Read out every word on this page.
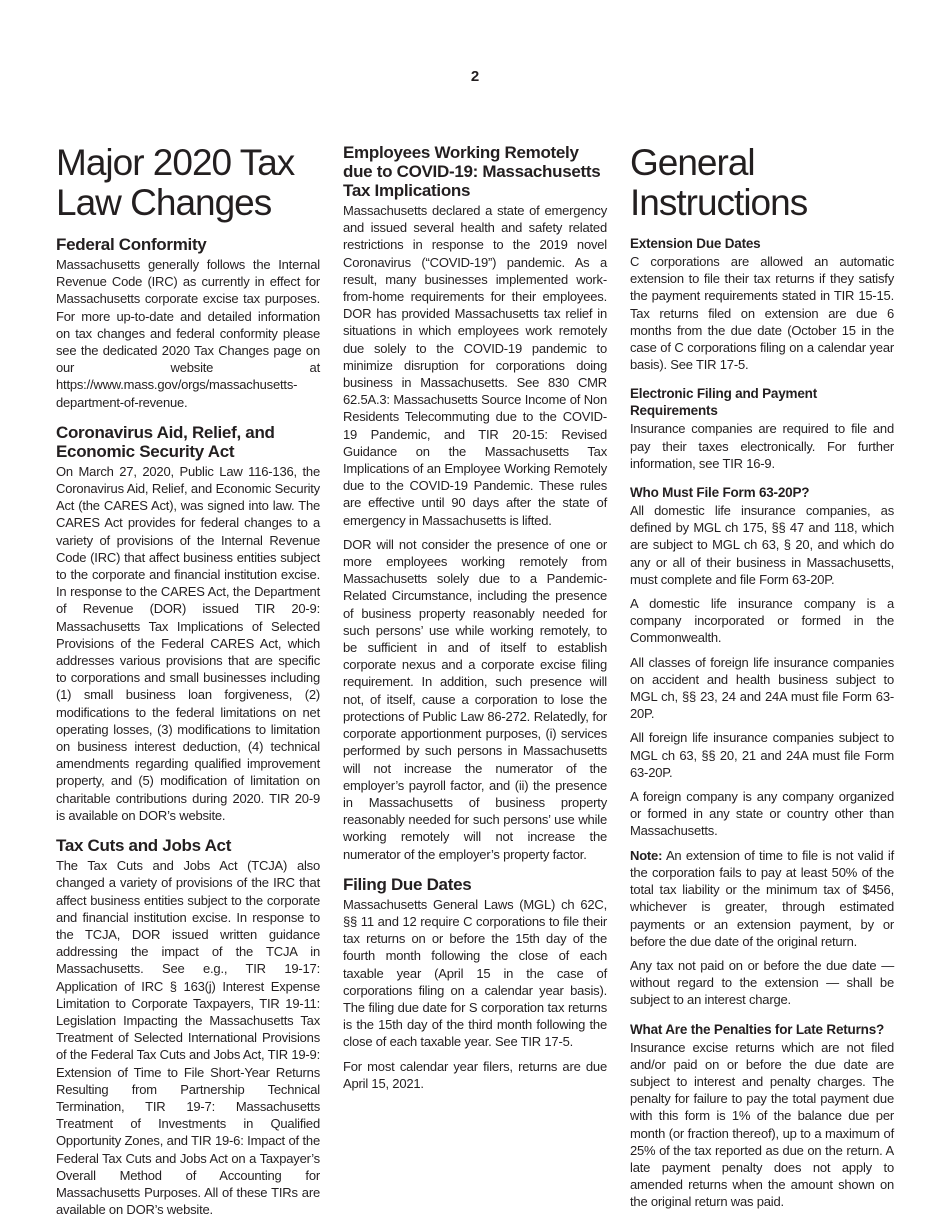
2
Major 2020 Tax Law Changes
Federal Conformity

Massachusetts generally follows the Internal Revenue Code (IRC) as currently in effect for Massachusetts corporate excise tax purposes. For more up-to-date and detailed information on tax changes and federal conformity please see the dedicated 2020 Tax Changes page on our website at https://www.mass.gov/orgs/massachusetts-department-of-revenue.

Coronavirus Aid, Relief, and Economic Security Act

On March 27, 2020, Public Law 116-136, the Coronavirus Aid, Relief, and Economic Security Act (the CARES Act), was signed into law. The CARES Act provides for federal changes to a variety of provisions of the Internal Revenue Code (IRC) that affect business entities subject to the corporate and financial institution excise. In response to the CARES Act, the Department of Revenue (DOR) issued TIR 20-9: Massachusetts Tax Implications of Selected Provisions of the Federal CARES Act, which addresses various provisions that are specific to corporations and small businesses including (1) small business loan forgiveness, (2) modifications to the federal limitations on net operating losses, (3) modifications to limitation on business interest deduction, (4) technical amendments regarding qualified improvement property, and (5) modification of limitation on charitable contributions during 2020. TIR 20-9 is available on DOR’s website.

Tax Cuts and Jobs Act

The Tax Cuts and Jobs Act (TCJA) also changed a variety of provisions of the IRC that affect business entities subject to the corporate and financial institution excise. In response to the TCJA, DOR issued written guidance addressing the impact of the TCJA in Massachusetts. See e.g., TIR 19-17: Application of IRC § 163(j) Interest Expense Limitation to Corporate Taxpayers, TIR 19-11: Legislation Impacting the Massachusetts Tax Treatment of Selected International Provisions of the Federal Tax Cuts and Jobs Act, TIR 19-9: Extension of Time to File Short-Year Returns Resulting from Partnership Technical Termination, TIR 19-7: Massachusetts Treatment of Investments in Qualified Opportunity Zones, and TIR 19-6: Impact of the Federal Tax Cuts and Jobs Act on a Taxpayer’s Overall Method of Accounting for Massachusetts Purposes. All of these TIRs are available on DOR’s website.

Employees Working Remotely due to COVID-19: Massachusetts Tax Implications

Massachusetts declared a state of emergency and issued several health and safety related restrictions in response to the 2019 novel Coronavirus (“COVID-19”) pandemic. As a result, many businesses implemented work-from-home requirements for their employees. DOR has provided Massachusetts tax relief in situations in which employees work remotely due solely to the COVID-19 pandemic to minimize disruption for corporations doing business in Massachusetts. See 830 CMR 62.5A.3: Massachusetts Source Income of Non Residents Telecommuting due to the COVID-19 Pandemic, and TIR 20-15: Revised Guidance on the Massachusetts Tax Implications of an Employee Working Remotely due to the COVID-19 Pandemic. These rules are effective until 90 days after the state of emergency in Massachusetts is lifted.

DOR will not consider the presence of one or more employees working remotely from Massachusetts solely due to a Pandemic-Related Circumstance, including the presence of business property reasonably needed for such persons’ use while working remotely, to be sufficient in and of itself to establish corporate nexus and a corporate excise filing requirement. In addition, such presence will not, of itself, cause a corporation to lose the protections of Public Law 86-272. Relatedly, for corporate apportionment purposes, (i) services performed by such persons in Massachusetts will not increase the numerator of the employer’s payroll factor, and (ii) the presence in Massachusetts of business property reasonably needed for such persons’ use while working remotely will not increase the numerator of the employer’s property factor.

Filing Due Dates

Massachusetts General Laws (MGL) ch 62C, §§ 11 and 12 require C corporations to file their tax returns on or before the 15th day of the fourth month following the close of each taxable year (April 15 in the case of corporations filing on a calendar year basis). The filing due date for S corporation tax returns is the 15th day of the third month following the close of each taxable year. See TIR 17-5.

For most calendar year filers, returns are due April 15, 2021.

General Instructions
Extension Due Dates

C corporations are allowed an automatic extension to file their tax returns if they satisfy the payment requirements stated in TIR 15-15. Tax returns filed on extension are due 6 months from the due date (October 15 in the case of C corporations filing on a calendar year basis). See TIR 17-5.

Electronic Filing and Payment Requirements

Insurance companies are required to file and pay their taxes electronically. For further information, see TIR 16-9.

Who Must File Form 63-20P?

All domestic life insurance companies, as defined by MGL ch 175, §§ 47 and 118, which are subject to MGL ch 63, § 20, and which do any or all of their business in Massachusetts, must complete and file Form 63-20P.

A domestic life insurance company is a company incorporated or formed in the Commonwealth.

All classes of foreign life insurance companies on accident and health business subject to MGL ch, §§ 23, 24 and 24A must file Form 63-20P.

All foreign life insurance companies subject to MGL ch 63, §§ 20, 21 and 24A must file Form 63-20P.

A foreign company is any company organized or formed in any state or country other than Massachusetts.

Note: An extension of time to file is not valid if the corporation fails to pay at least 50% of the total tax liability or the minimum tax of $456, whichever is greater, through estimated payments or an extension payment, by or before the due date of the original return.

Any tax not paid on or before the due date — without regard to the extension — shall be subject to an interest charge.

What Are the Penalties for Late Returns?

Insurance excise returns which are not filed and/or paid on or before the due date are subject to interest and penalty charges. The penalty for failure to pay the total payment due with this form is 1% of the balance due per month (or fraction thereof), up to a maximum of 25% of the tax reported as due on the return. A late payment penalty does not apply to amended returns when the amount shown on the original return was paid.
